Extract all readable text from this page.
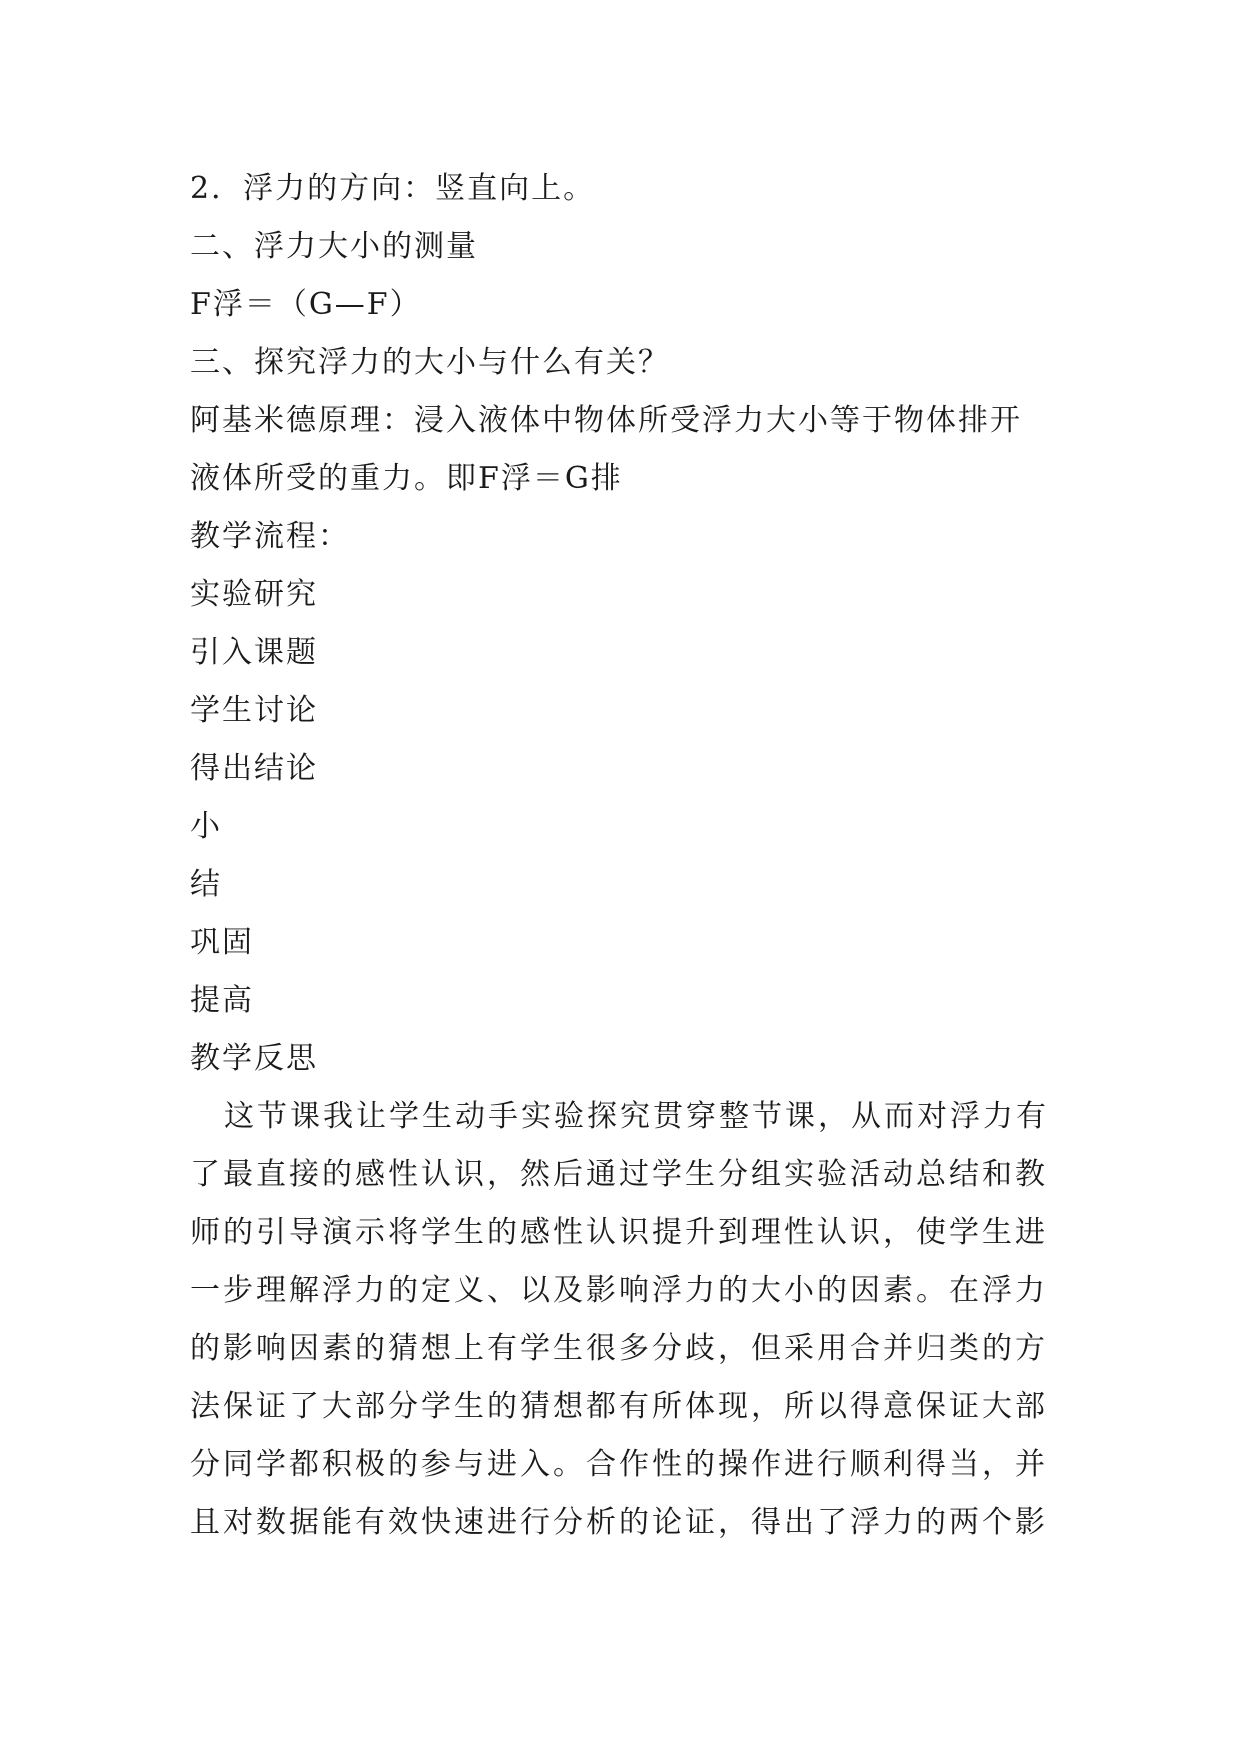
2．浮力的方向：竖直向上。
二、浮力大小的测量
F浮＝（G—F）
三、探究浮力的大小与什么有关？
阿基米德原理：浸入液体中物体所受浮力大小等于物体排开
液体所受的重力。即F浮＝G排
教学流程：
实验研究
引入课题
学生讨论
得出结论
小
结
巩固
提高
教学反思
这节课我让学生动手实验探究贯穿整节课，从而对浮力有
了最直接的感性认识，然后通过学生分组实验活动总结和教
师的引导演示将学生的感性认识提升到理性认识，使学生进
一步理解浮力的定义、以及影响浮力的大小的因素。在浮力
的影响因素的猜想上有学生很多分歧，但采用合并归类的方
法保证了大部分学生的猜想都有所体现，所以得意保证大部
分同学都积极的参与进入。合作性的操作进行顺利得当，并
且对数据能有效快速进行分析的论证，得出了浮力的两个影
